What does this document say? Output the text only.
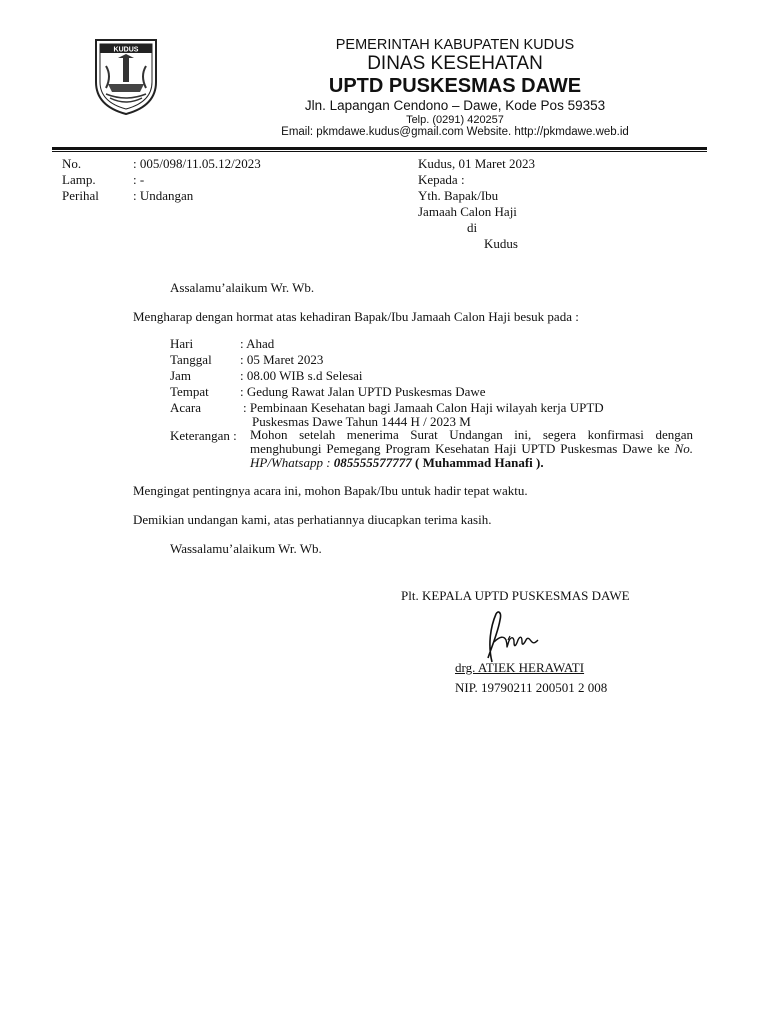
KUDUS	PEMERINTAH KABUPATEN KUDUS
DINAS KESEHATAN
UPTD PUSKESMAS DAWE
Jln. Lapangan Cendono – Dawe, Kode Pos 59353
Telp. (0291) 420257
Email: pkmdawe.kudus@gmail.com Website. http://pkmdawe.web.id
No.	: 005/098/11.05.12/2023
Lamp.	: -
Perihal	: Undangan
Kudus, 01 Maret 2023
Kepada :
Yth. Bapak/Ibu
Jamaah Calon Haji
di
Kudus
Assalamu’alaikum Wr. Wb.
Mengharap dengan hormat atas kehadiran Bapak/Ibu Jamaah Calon Haji besuk pada :
Hari	: Ahad
Tanggal : 05 Maret 2023
Jam	: 08.00 WIB s.d Selesai
Tempat : Gedung Rawat Jalan UPTD Puskesmas Dawe
Acara	: Pembinaan Kesehatan bagi Jamaah Calon Haji wilayah kerja UPTD
Puskesmas Dawe Tahun 1444 H / 2023 M
Keterangan : Mohon setelah menerima Surat Undangan ini, segera konfirmasi dengan menghubungi Pemegang Program Kesehatan Haji UPTD Puskesmas Dawe ke No. HP/Whatsapp : 085555577777 ( Muhammad Hanafi ).
Mengingat pentingnya acara ini, mohon Bapak/Ibu untuk hadir tepat waktu.
Demikian undangan kami, atas perhatiannya diucapkan terima kasih.
Wassalamu’alaikum Wr. Wb.
Plt. KEPALA UPTD PUSKESMAS DAWE
drg. ATIEK HERAWATI
NIP. 19790211 200501 2 008
